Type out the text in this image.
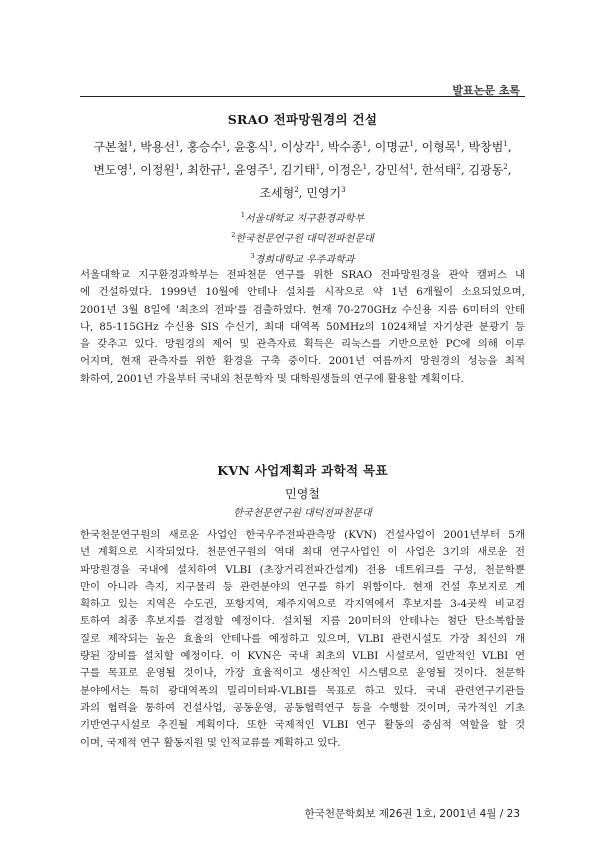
발표논문 초록
SRAO 전파망원경의 건설
구본철$^1$, 박용선$^1$, 홍승수$^1$, 윤홍식$^1$, 이상각$^1$, 박수종$^1$, 이명균$^1$, 이형목$^1$, 박창범$^1$,
변도영$^1$, 이정원$^1$, 최한규$^1$, 윤영주$^1$, 김기태$^1$, 이정은$^1$, 강민석$^1$, 한석태$^2$, 김광동$^2$,
조세형$^2$, 민영기$^3$
$^1$서울대학교 지구환경과학부
$^2$한국천문연구원 대덕전파천문대
$^3$경희대학교 우주과학과

서울대학교 지구환경과학부는 전파천문 연구를 위한 SRAO 전파망원경을 관악 캠퍼스 내

에 건설하였다. 1999년 10월에 안테나 설치를 시작으로 약 1년 6개월이 소요되었으며,

2001년 3월 8일에 '최초의 전파'를 검출하였다. 현재 70-270GHz 수신용 지름 6미터의 안테

나, 85-115GHz 수신용 SIS 수신기, 최대 대역폭 50MHz의 1024채널 자기상관 분광기 등

을 갖추고 있다. 망원경의 제어 및 관측자료 획득은 리눅스를 기반으로한 PC에 의해 이루

어지며, 현재 관측자를 위한 환경을 구축 중이다. 2001년 여름까지 망원경의 성능을 최적

화하여, 2001년 가을부터 국내외 천문학자 및 대학원생들의 연구에 활용할 계획이다.

KVN 사업계획과 과학적 목표
민영철
한국천문연구원 대덕전파천문대

한국천문연구원의 새로운 사업인 한국우주전파관측망 (KVN) 건설사업이 2001년부터 5개

년 계획으로 시작되었다. 천문연구원의 역대 최대 연구사업인 이 사업은 3기의 새로운 전

파망원경을 국내에 설치하여 VLBI (초장거리전파간섭계) 전용 네트워크를 구성, 천문학뿐

만이 아니라 측지, 지구물리 등 관련분야의 연구를 하기 위함이다. 현재 건설 후보지로 계

획하고 있는 지역은 수도권, 포항지역, 제주지역으로 각지역에서 후보지를 3-4곳씩 비교검

토하여 최종 후보지를 결정할 예정이다. 설치될 지름 20미터의 안테나는 첨단 탄소복합물

질로 제작되는 높은 효율의 안테나를 예정하고 있으며, VLBI 관련시설도 가장 최신의 개

량된 장비를 설치할 예정이다. 이 KVN은 국내 최초의 VLBI 시설로서, 일반적인 VLBI 연

구를 목표로 운영될 것이나, 가장 효율적이고 생산적인 시스템으로 운영될 것이다. 천문학

분야에서는 특히 광대역폭의 밀리미터파-VLBI를 목표로 하고 있다. 국내 관련연구기관들

과의 협력을 통하여 건설사업, 공동운영, 공동협력연구 등을 수행할 것이며, 국가적인 기초

기반연구시설로 추진될 계획이다. 또한 국제적인 VLBI 연구 활동의 중심적 역할을 할 것

이며, 국제적 연구 활동지원 및 인적교류를 계획하고 있다.

한국천문학회보 제26권 1호, 2001년 4월 / 23
